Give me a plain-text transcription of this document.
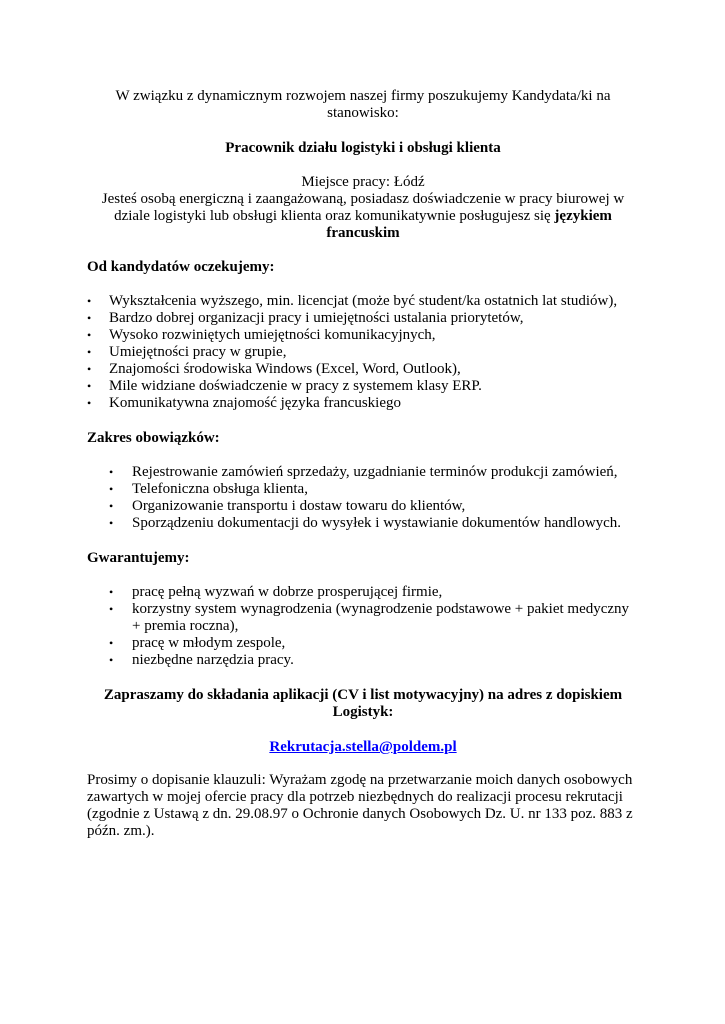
W związku z dynamicznym rozwojem naszej firmy poszukujemy Kandydata/ki na stanowisko:

Pracownik działu logistyki i obsługi klienta

Miejsce pracy: Łódź

Jesteś osobą energiczną i zaangażowaną, posiadasz doświadczenie w pracy biurowej w dziale logistyki lub obsługi klienta oraz komunikatywnie posługujesz się językiem francuskim

Od kandydatów oczekujemy:

• Wykształcenia wyższego, min. licencjat (może być student/ka ostatnich lat studiów),
• Bardzo dobrej organizacji pracy i umiejętności ustalania priorytetów,
• Wysoko rozwiniętych umiejętności komunikacyjnych,
• Umiejętności pracy w grupie,
• Znajomości środowiska Windows (Excel, Word, Outlook),
• Mile widziane doświadczenie w pracy z systemem klasy ERP.
• Komunikatywna znajomość języka francuskiego

Zakres obowiązków:

• Rejestrowanie zamówień sprzedaży, uzgadnianie terminów produkcji zamówień,
• Telefoniczna obsługa klienta,
• Organizowanie transportu i dostaw towaru do klientów,
• Sporządzeniu dokumentacji do wysyłek i wystawianie dokumentów handlowych.

Gwarantujemy:

• pracę pełną wyzwań w dobrze prosperującej firmie,
• korzystny system wynagrodzenia (wynagrodzenie podstawowe + pakiet medyczny + premia roczna),
• pracę w młodym zespole,
• niezbędne narzędzia pracy.

Zapraszamy do składania aplikacji (CV i list motywacyjny) na adres z dopiskiem Logistyk:

Rekrutacja.stella@poldem.pl

Prosimy o dopisanie klauzuli: Wyrażam zgodę na przetwarzanie moich danych osobowych zawartych w mojej ofercie pracy dla potrzeb niezbędnych do realizacji procesu rekrutacji (zgodnie z Ustawą z dn. 29.08.97 o Ochronie danych Osobowych Dz. U. nr 133 poz. 883 z późn. zm.).
